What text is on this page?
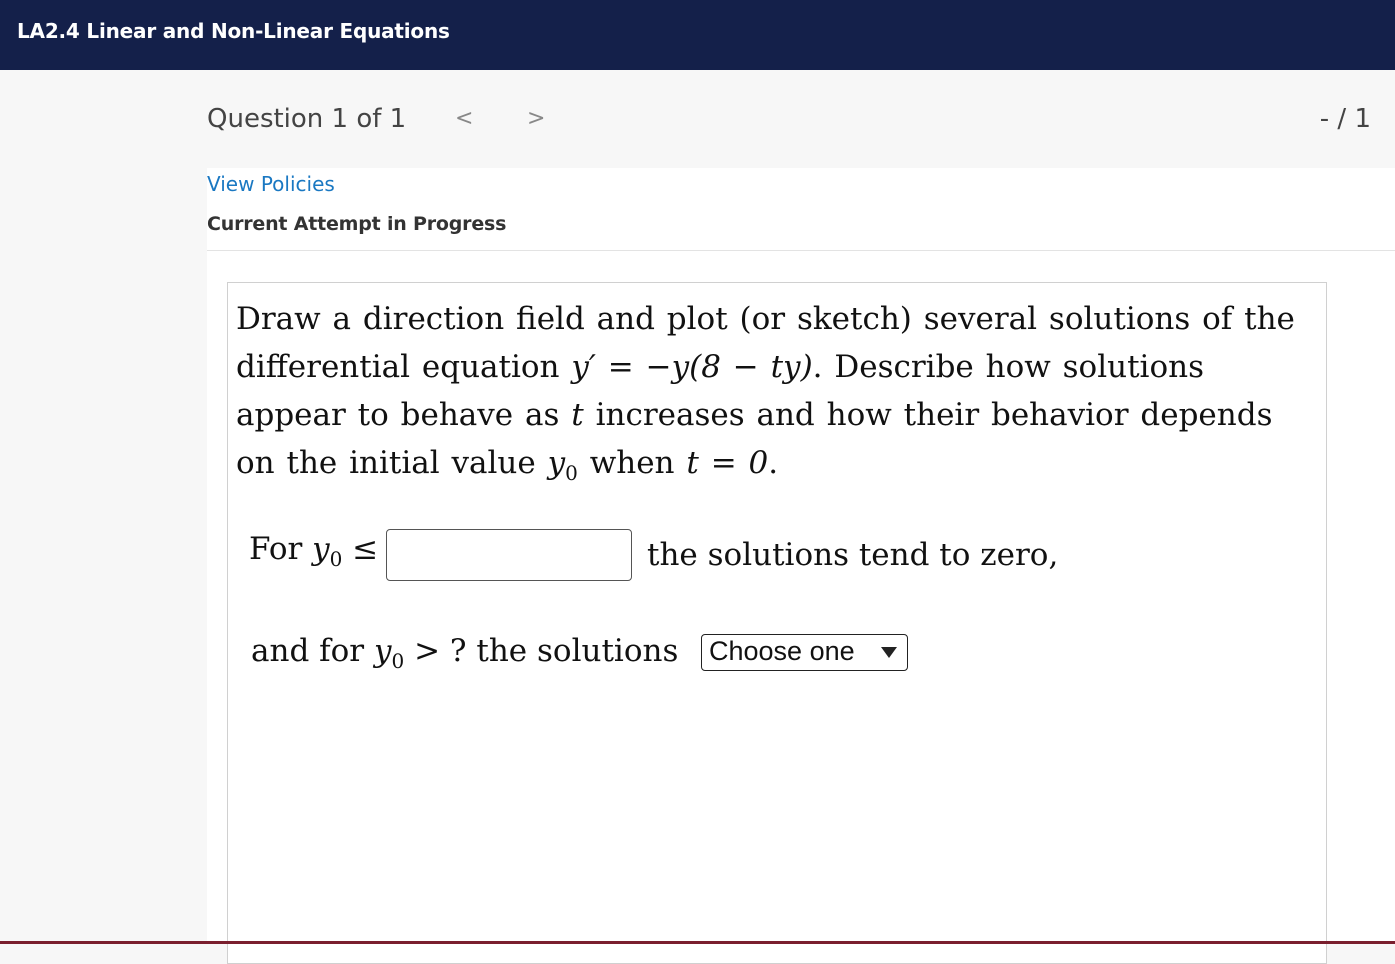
LA2.4 Linear and Non-Linear Equations
Question 1 of 1 < >	- / 1
View Policies
Current Attempt in Progress
Draw a direction field and plot (or sketch) several solutions of the differential equation y′ = −y(8 − ty). Describe how solutions appear to behave as t increases and how their behavior depends on the initial value $y_0$ when t = 0.
For $y_0$ ≤	the solutions tend to zero,
and for $y_0$ > ? the solutions Choose one
